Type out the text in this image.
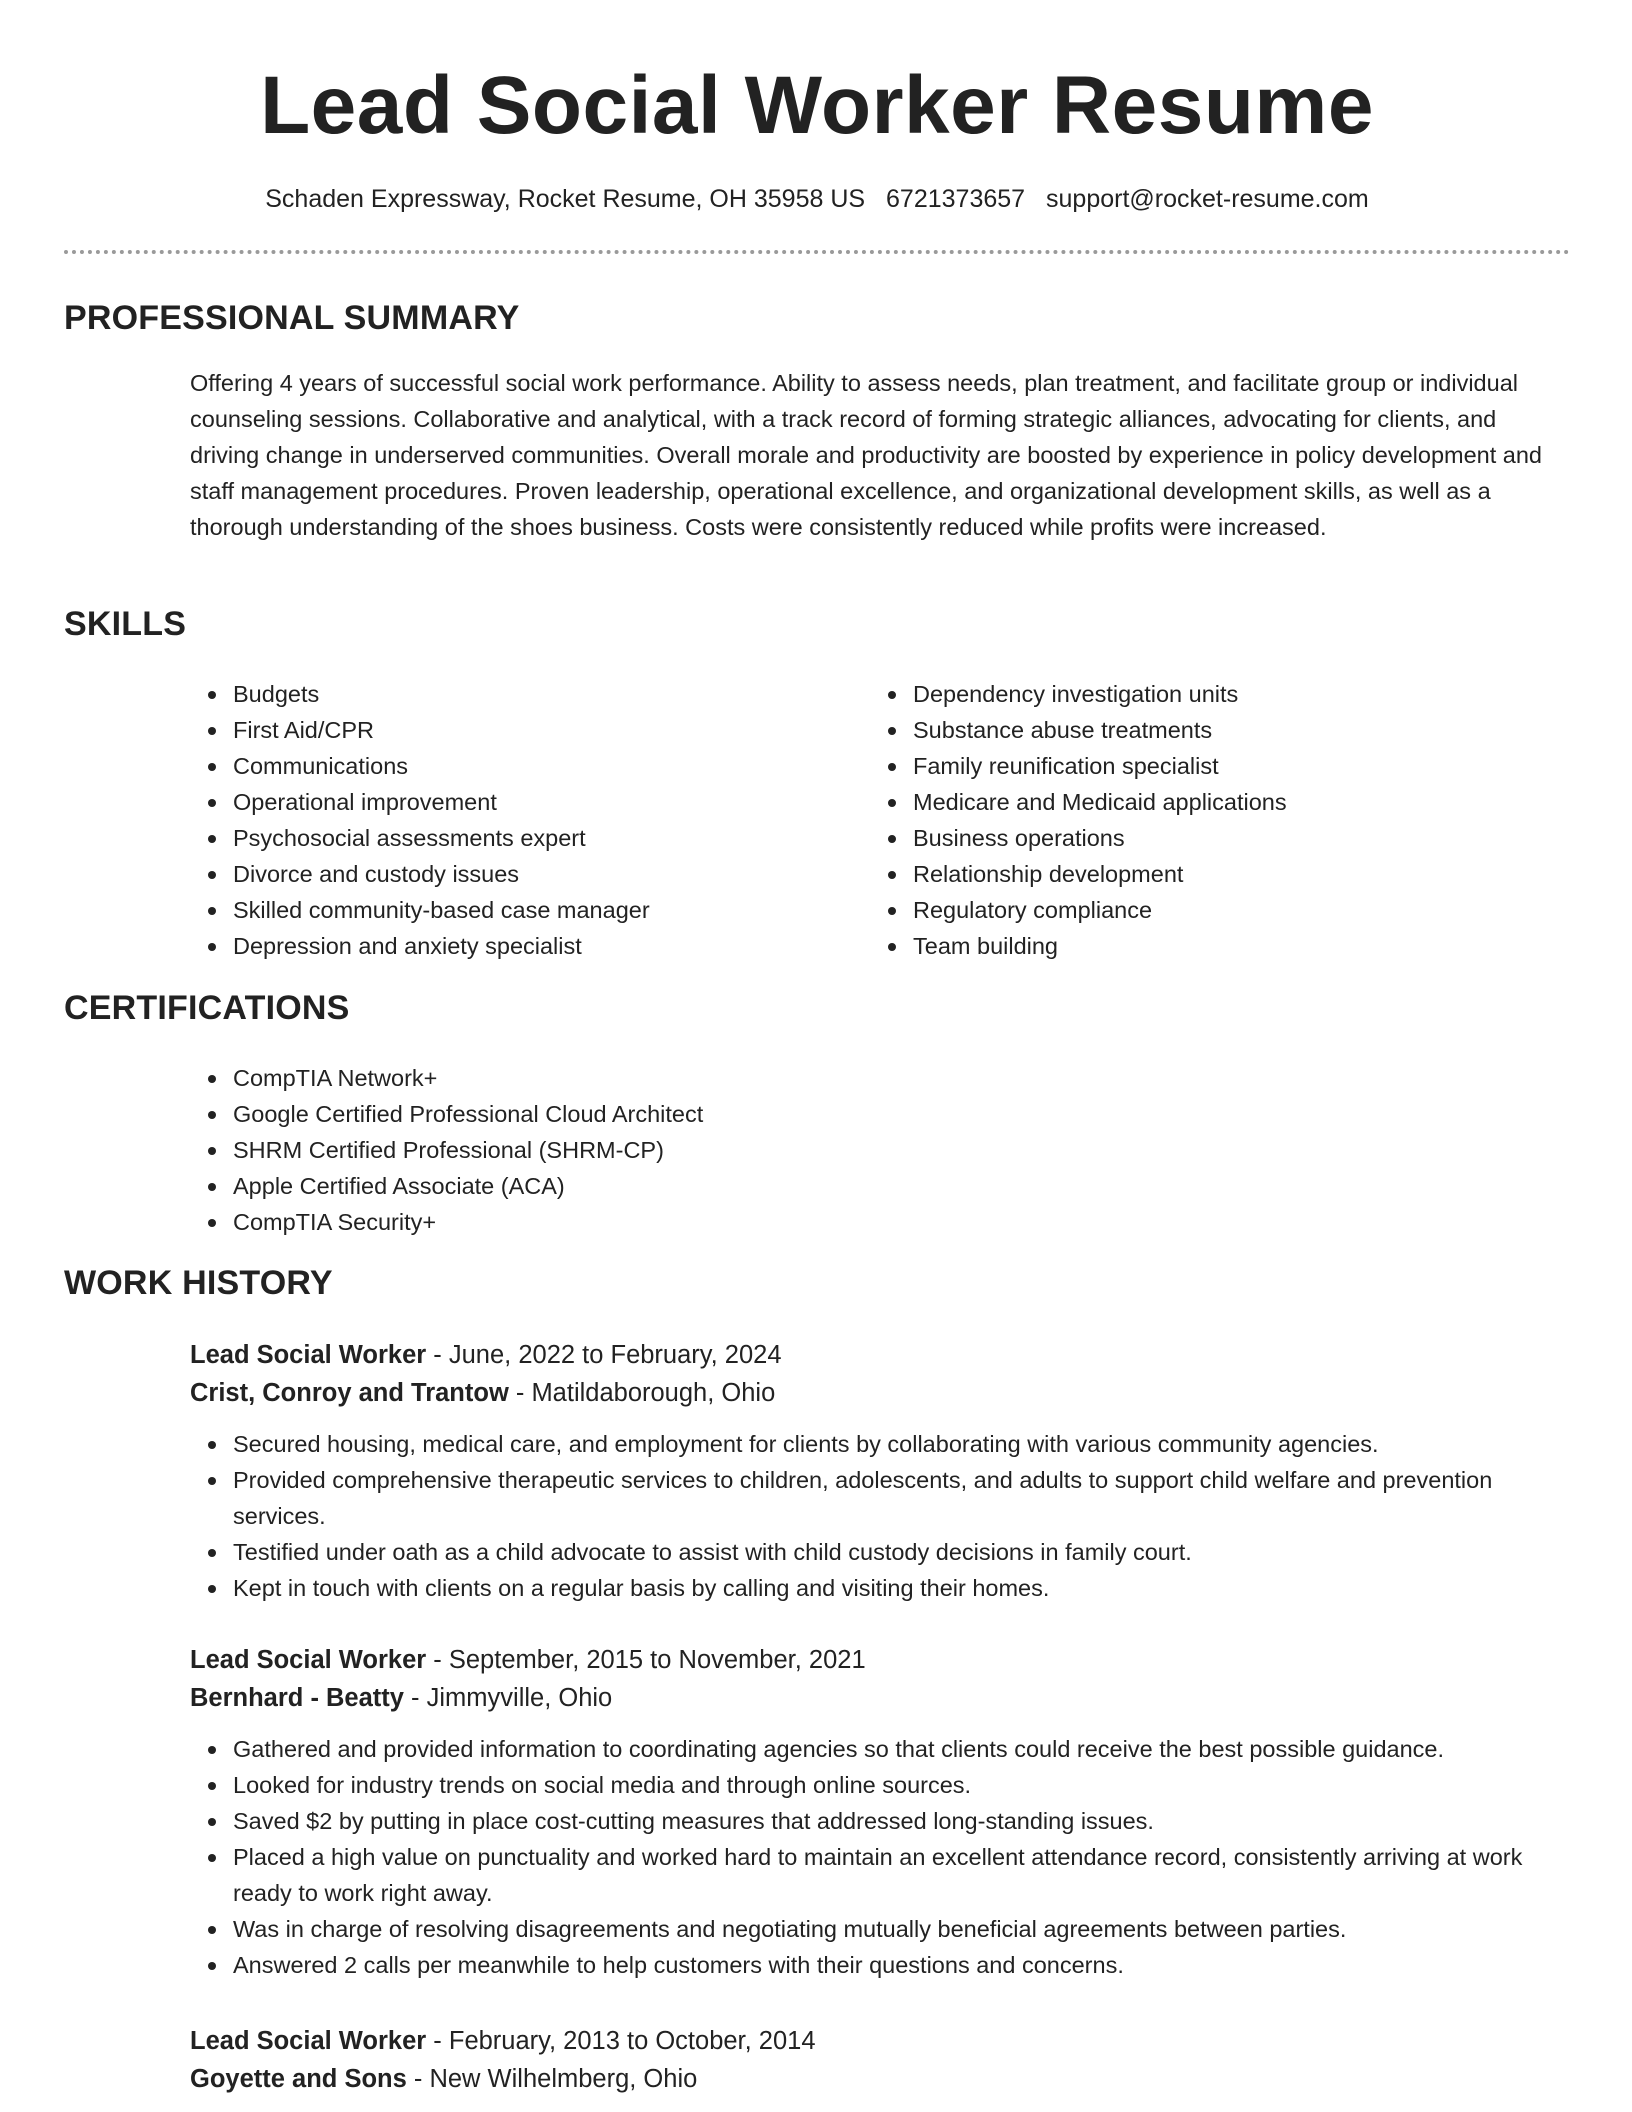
Lead Social Worker Resume
Schaden Expressway, Rocket Resume, OH 35958 US 6721373657 support@rocket-resume.com
PROFESSIONAL SUMMARY

Offering 4 years of successful social work performance. Ability to assess needs, plan treatment, and facilitate group or individual counseling sessions. Collaborative and analytical, with a track record of forming strategic alliances, advocating for clients, and driving change in underserved communities. Overall morale and productivity are boosted by experience in policy development and staff management procedures. Proven leadership, operational excellence, and organizational development skills, as well as a thorough understanding of the shoes business. Costs were consistently reduced while profits were increased.

SKILLS
Budgets
First Aid/CPR
Communications
Operational improvement
Psychosocial assessments expert
Divorce and custody issues
Skilled community-based case manager
Depression and anxiety specialist
Dependency investigation units
Substance abuse treatments
Family reunification specialist
Medicare and Medicaid applications
Business operations
Relationship development
Regulatory compliance
Team building
CERTIFICATIONS
CompTIA Network+
Google Certified Professional Cloud Architect
SHRM Certified Professional (SHRM-CP)
Apple Certified Associate (ACA)
CompTIA Security+
WORK HISTORY
Lead Social Worker - June, 2022 to February, 2024
Crist, Conroy and Trantow - Matildaborough, Ohio
Secured housing, medical care, and employment for clients by collaborating with various community agencies.
Provided comprehensive therapeutic services to children, adolescents, and adults to support child welfare and prevention services.
Testified under oath as a child advocate to assist with child custody decisions in family court.
Kept in touch with clients on a regular basis by calling and visiting their homes.
Lead Social Worker - September, 2015 to November, 2021
Bernhard - Beatty - Jimmyville, Ohio
Gathered and provided information to coordinating agencies so that clients could receive the best possible guidance.
Looked for industry trends on social media and through online sources.
Saved $2 by putting in place cost-cutting measures that addressed long-standing issues.
Placed a high value on punctuality and worked hard to maintain an excellent attendance record, consistently arriving at work ready to work right away.
Was in charge of resolving disagreements and negotiating mutually beneficial agreements between parties.
Answered 2 calls per meanwhile to help customers with their questions and concerns.
Lead Social Worker - February, 2013 to October, 2014
Goyette and Sons - New Wilhelmberg, Ohio
